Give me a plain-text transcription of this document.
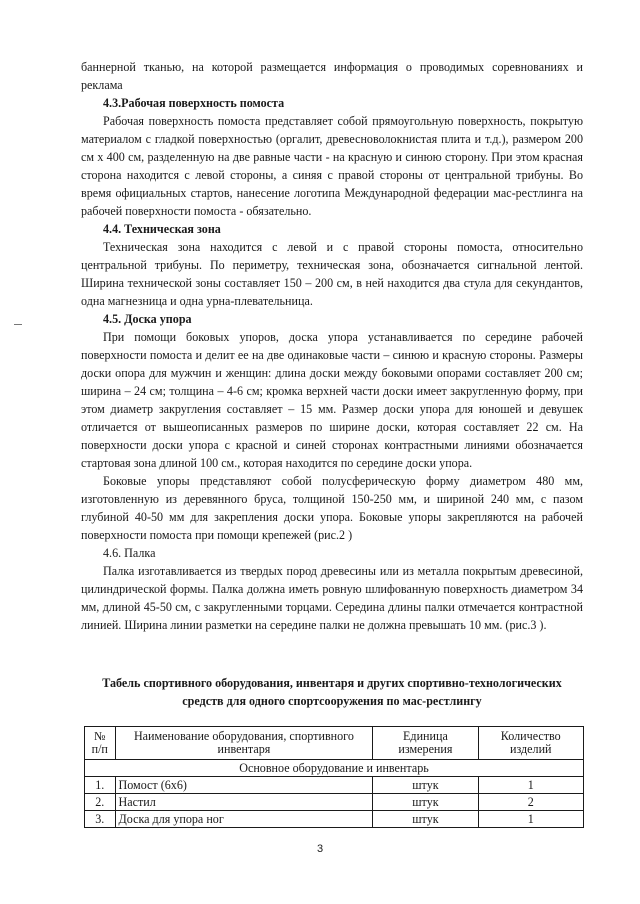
баннерной тканью, на которой размещается информация о проводимых соревнованиях и реклама

4.3.Рабочая поверхность помоста

Рабочая поверхность помоста представляет собой прямоугольную поверхность, покрытую материалом с гладкой поверхностью (оргалит, древесноволокнистая плита и т.д.), размером 200 см х 400 см, разделенную на две равные части - на красную и синюю сторону. При этом красная сторона находится с левой стороны, а синяя с правой стороны от центральной трибуны. Во время официальных стартов, нанесение логотипа Международной федерации мас-рестлинга на рабочей поверхности помоста - обязательно.

4.4. Техническая зона

Техническая зона находится с левой и с правой стороны помоста, относительно центральной трибуны. По периметру, техническая зона, обозначается сигнальной лентой. Ширина технической зоны составляет 150 – 200 см, в ней находится два стула для секундантов, одна магнезница и одна урна-плевательница.

4.5. Доска упора

При помощи боковых упоров, доска упора устанавливается по середине рабочей поверхности помоста и делит ее на две одинаковые части – синюю и красную стороны. Размеры доски опора для мужчин и женщин: длина доски между боковыми опорами составляет 200 см; ширина – 24 см; толщина – 4-6 см; кромка верхней части доски имеет закругленную форму, при этом диаметр закругления составляет – 15 мм. Размер доски упора для юношей и девушек отличается от вышеописанных размеров по ширине доски, которая составляет 22 см. На поверхности доски упора с красной и синей сторонах контрастными линиями обозначается стартовая зона длиной 100 см., которая находится по середине доски упора.

Боковые упоры представляют собой полусферическую форму диаметром 480 мм, изготовленную из деревянного бруса, толщиной 150-250 мм, и шириной 240 мм, с пазом глубиной 40-50 мм для закрепления доски упора. Боковые упоры закрепляются на рабочей поверхности помоста при помощи крепежей (рис.2 )

4.6. Палка

Палка изготавливается из твердых пород древесины или из металла покрытым древесиной, цилиндрической формы. Палка должна иметь ровную шлифованную поверхность диаметром 34 мм, длиной 45-50 см, с закругленными торцами. Середина длины палки отмечается контрастной линией. Ширина линии разметки на середине палки не должна превышать 10 мм. (рис.3 ).

Табель спортивного оборудования, инвентаря и других спортивно-технологических средств для одного спортсооружения по мас-рестлингу
№ п/п	Наименование оборудования, спортивного инвентаря	Единица измерения	Количество изделий
Основное оборудование и инвентарь			
1.	Помост (6х6)	штук	1
2.	Настил	штук	2
3.	Доска для упора ног	штук	1
3
